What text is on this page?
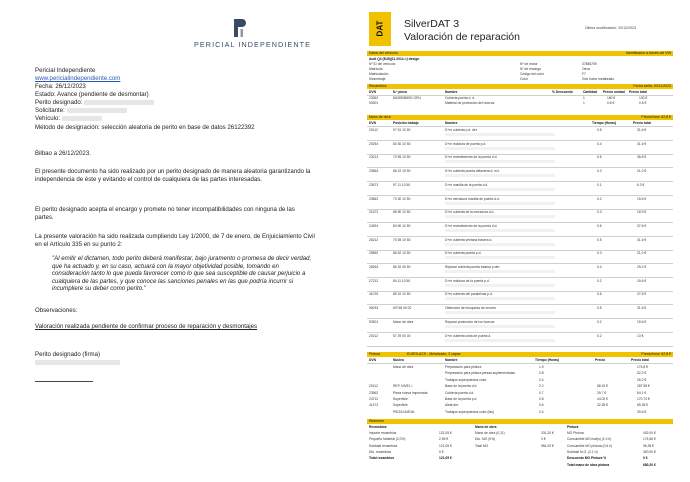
PERICIAL INDEPENDIENTE
Pericial Independiente
www.pericialindependiente.com
Fecha: 26/12/2023
Estado: Avance (pendiente de desmontar)
Perito designado:
Solicitante:
Vehículo:
Método de designación: selección aleatoria de perito en base de datos 26122392
Bilbao a 26/12/2023.
El presente documento ha sido realizado por un perito designado de manera aleatoria garantizando la independencia de éste y evitando el control de cualquiera de las partes interesadas.
El perito designado acepta el encargo y promete no tener incompatibilidades con ninguna de las partes.
La presente valoración ha sido realizada cumpliendo Ley 1/2000, de 7 de enero, de Enjuiciamiento Civil en el Artículo 335 en su punto 2:
"Al emitir el dictamen, todo perito deberá manifestar, bajo juramento o promesa de decir verdad, que ha actuado y, en su caso, actuará con la mayor objetividad posible, tomando en consideración tanto lo que pueda favorecer como lo que sea susceptible de causar perjuicio a cualquiera de las partes, y que conoce las sanciones penales en las que podría incurrir si incumpliere su deber como perito."
Observaciones:
Valoración realizada pendiente de confirmar proceso de reparación y desmontajes
Perito designado (firma)
DAT SilverDAT 3
Valoración de reparación
Última modificación: 20/12/2023
Datos del vehículo	Identificador a través del VIN
Audi Q3 (8U8)(11.2014->) design
Nº ID del vehículo	Nº de motor	37885759
Matrícula	Nº de encargo	Otros
Matriculación	Código del color	F7
Kilometraje	Color	Gris humo metalizado
Recambios	Fecha tarifa: 20/11/2023
DVN	N.º pieza	Nombre	% Descuento	Cantidad Precio unidad Precio total
23352	8U0853969G GRU	Cubierta puerta d. d.	1	160 €	130 €
93301	Material de protección del huecos	1	0.6 €	0.6 €
Mano de obra	Precio/hora: 62,8 €
DVN	Posición trabajo	Nombre	Tiempo (Horas)	Precio total
20112	97 51 10 50	D+m cubierta p.d. der.	0.5	31.6 €
20254	83 30 10 50	D+m moldura de puerta p.d.	0.4	31.6 €
23213	70 55 10 50	D+m revestimiento de la puerta d.d.	0.6	36.8 €
23563	86 22 19 50	D+m cubierta puerta delantera d. ext.	0.3	21.0 €
23573	97 11 10 50	D+m manilla de la puerta d.d.	0.1	6.3 €
23562	73 30 10 50	D+m cerradura manilla de puerta d.d.	0.2	15.6 €
21572	86 90 10 50	D+m cubierta de la cerradura d.d.	0.3	18.9 €
24254	84 90 10 50	D+m revestimiento de la puerta d.d.	0.6	37.6 €
26212	70 35 10 50	D+m cubierta ventana trasera d.	0.5	31.6 €
29892	86 62 10 50	D+m cubierta puerta p.d.	0.3	21.0 €
28263	86 32 49 50	Reparar cubierta puerta trasera p.der.	0.4	25.2 €
27212	84 11 10 50	D+m moldura de la puerta p.d.	0.2	15.6 €
41076	85 10 10 50	D+m cubierta del parabrisas p.d.	0.6	37.6 €
90033	KR 58 00 00	Obtención de búsqueda de errores	0.5	31.6 €
93301	Mano de obra	Reparar protección de los huecos	0.2	15.6 €
20112	57 29 00 00	D+m cubierta cinta de puerta d.	0.2	13 €
Pintura	EUROLACK - Metalizado, 2 capas	Precio/hora: 62,8 €
DVN	Núcleo	Nombre	Tiempo (Horas)	Precio	Precio total
Mano de obra	Preparación para pintura	1.9	174.8 €
Preparación para pintura piezas suplementarias	0.8	52.2 €
Trabajos superpuestos color	0.4	26.2 €
20112	REP. NIVEL I	Base de la puerta d.d.	2.2	58.19 €	287.38 €
23562	Pieza nueva imprimada	Cubierta puerta d.d.	0.7	29.7 €	84.1 €
24712	Superficie	Base de la puerta p.d.	0.8	44.02 €	170.73 €
41472	Superficie	Aleta der.	0.6	32.28 €	65.28 €
PIEZA NUEVA	Trabajos superpuestos color (fas)	0.4	30.6 €
Resumen
Recambios	Mano de obra	Pintura
Importe recambios	121,05 €	Mano de obra (0,11)	331,20 €	MO Pintura	402,00 €
Pequeño Material (2,0%)	2,55 €	Dto. MO (0%)	0 €	Consumible MO mat(s) (1.0 h)	174,66 €
Subtotal recambios	121,05 €	Total MO	964,20 €	Consumible MO pintura (0.6 h)	96,35 €
Dto. recambios	0 €	Subtotal M.O. (2.1 h)	300,00 €
Total recambios	121,05 €	Descuento MO Pintura %	0 €
Total mano de obra pintura	680,20 €
